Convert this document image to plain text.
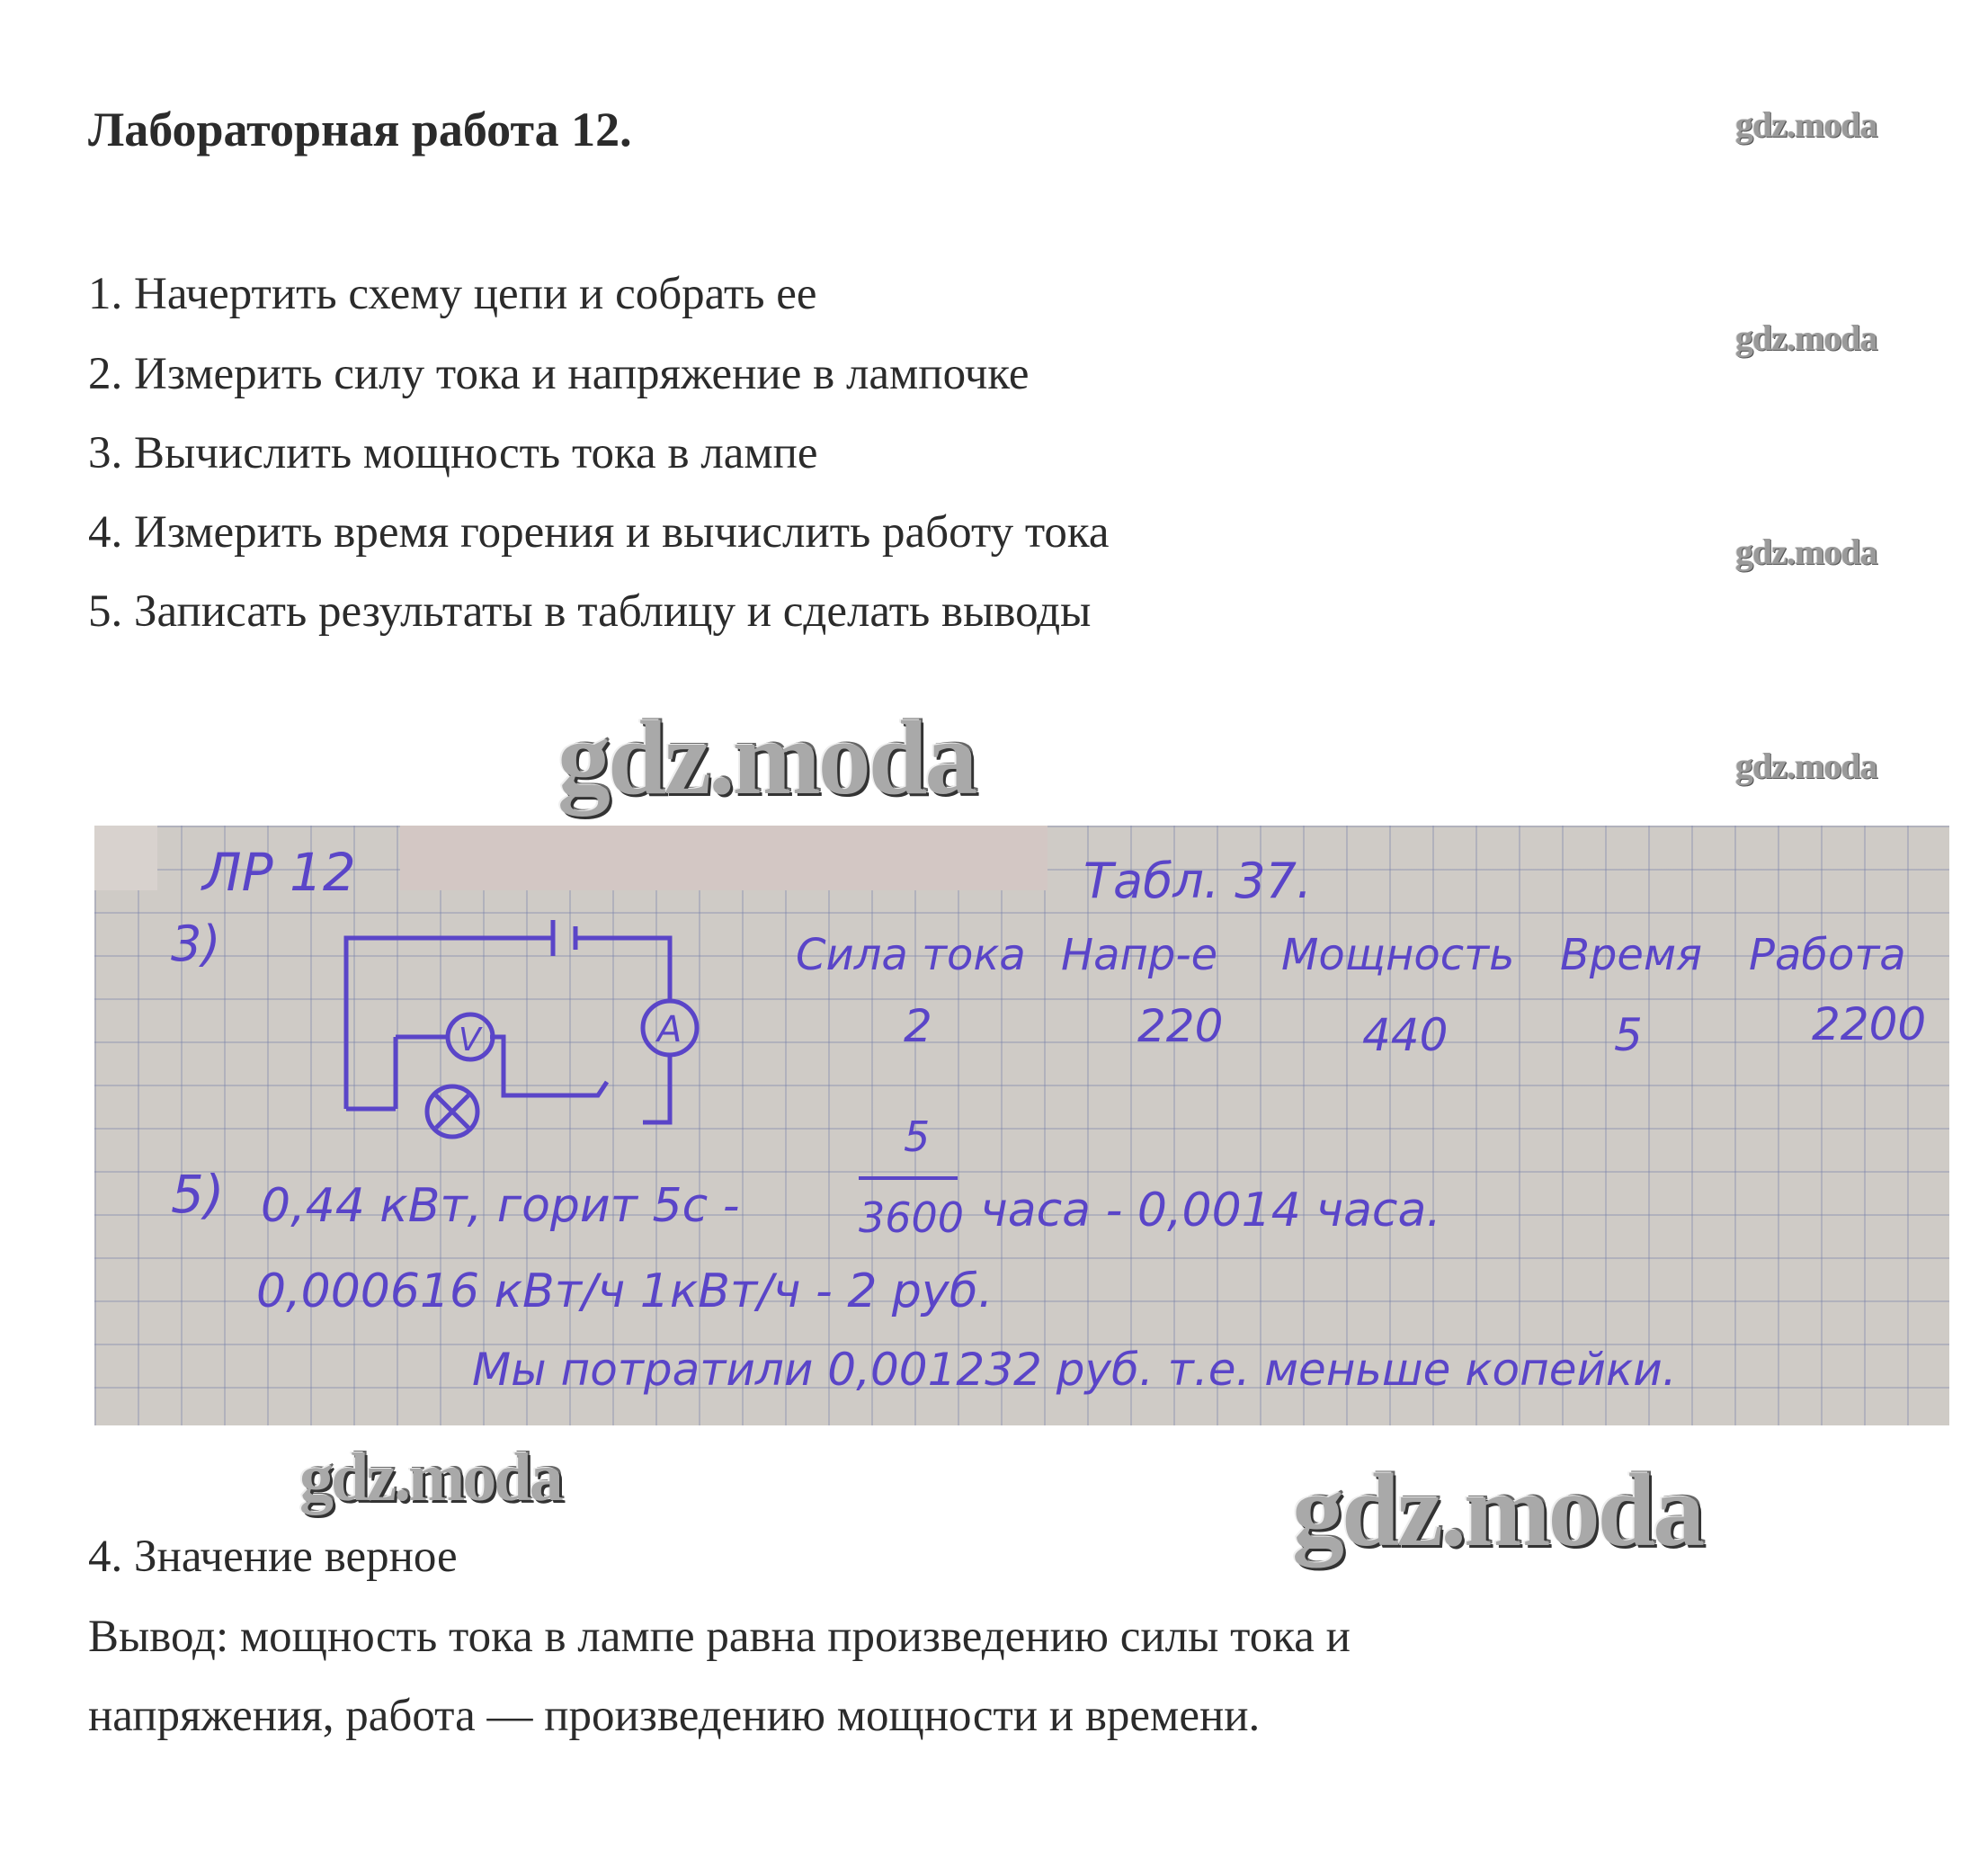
Лабораторная работа 12.
1. Начертить схему цепи и собрать ее
2. Измерить силу тока и напряжение в лампочке
3. Вычислить мощность тока в лампе
4. Измерить время горения и вычислить работу тока
5. Записать результаты в таблицу и сделать выводы
gdz.moda
gdz.moda
gdz.moda
gdz.moda
gdz.moda
ЛР 12	Табл. 37.
3)
V	A
Сила тока Напр-е Мощность Время Работа
2	220	440	5	2200
5) 0,44 кВт, горит 5с -
5
3600 часа - 0,0014 часа.
0,000616 кВт/ч 1кВт/ч - 2 руб.
Мы потратили 0,001232 руб. т.е. меньше копейки.
gdz.moda	gdz.moda
4. Значение верное
Вывод: мощность тока в лампе равна произведению силы тока и
напряжения, работа — произведению мощности и времени.
